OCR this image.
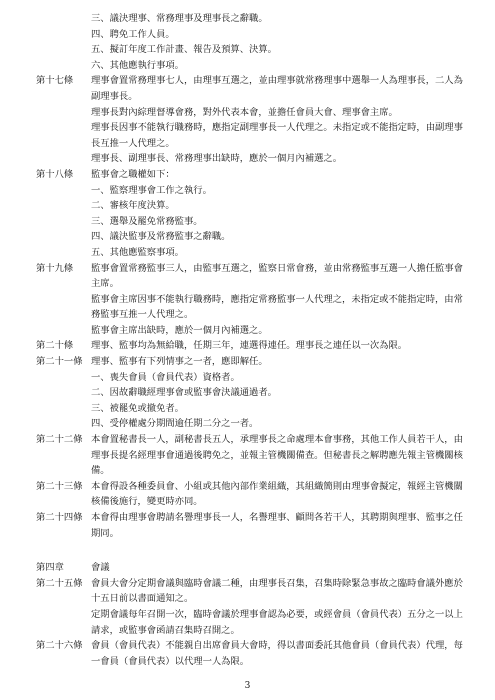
三、議決理事、常務理事及理事長之辭職。
四、聘免工作人員。
五、擬訂年度工作計畫、報告及預算、決算。
六、其他應執行事項。
第十七條	理事會置常務理事七人，由理事互選之，並由理事就常務理事中選舉一人為理事長，二人為副理事長。
理事長對內綜理督導會務，對外代表本會，並擔任會員大會、理事會主席。
理事長因事不能執行職務時，應指定副理事長一人代理之。未指定或不能指定時，由副理事長互推一人代理之。
理事長、副理事長、常務理事出缺時，應於一個月內補選之。
第十八條	監事會之職權如下：
一、監察理事會工作之執行。
二、審核年度決算。
三、選舉及罷免常務監事。
四、議決監事及常務監事之辭職。
五、其他應監察事項。
第十九條	監事會置常務監事三人，由監事互選之，監察日常會務，並由常務監事互選一人擔任監事會主席。
監事會主席因事不能執行職務時，應指定常務監事一人代理之，未指定或不能指定時，由常務監事互推一人代理之。
監事會主席出缺時，應於一個月內補選之。
第二十條	理事、監事均為無給職，任期三年，連選得連任。理事長之連任以一次為限。
第二十一條 理事、監事有下列情事之一者，應即解任。
一、喪失會員（會員代表）資格者。
二、因故辭職經理事會或監事會決議通過者。
三、被罷免或撤免者。
四、受停權處分期間逾任期二分之一者。
第二十二條 本會置秘書長一人，副秘書長五人，承理事長之命處理本會事務，其他工作人員若干人，由理事長提名經理事會通過後聘免之，並報主管機關備查。但秘書長之解聘應先報主管機關核備。
第二十三條 本會得設各種委員會、小組或其他內部作業組織，其組織簡則由理事會擬定，報經主管機關核備後施行，變更時亦同。
第二十四條 本會得由理事會聘請名譽理事長一人，名譽理事、顧問各若干人，其聘期與理事、監事之任期同。
第四章	會議
第二十五條 會員大會分定期會議與臨時會議二種，由理事長召集，召集時除緊急事故之臨時會議外應於十五日前以書面通知之。
定期會議每年召開一次，臨時會議於理事會認為必要，或經會員（會員代表）五分之一以上請求，或監事會函請召集時召開之。
第二十六條 會員（會員代表）不能親自出席會員大會時，得以書面委託其他會員（會員代表）代理，每一會員（會員代表）以代理一人為限。
3
